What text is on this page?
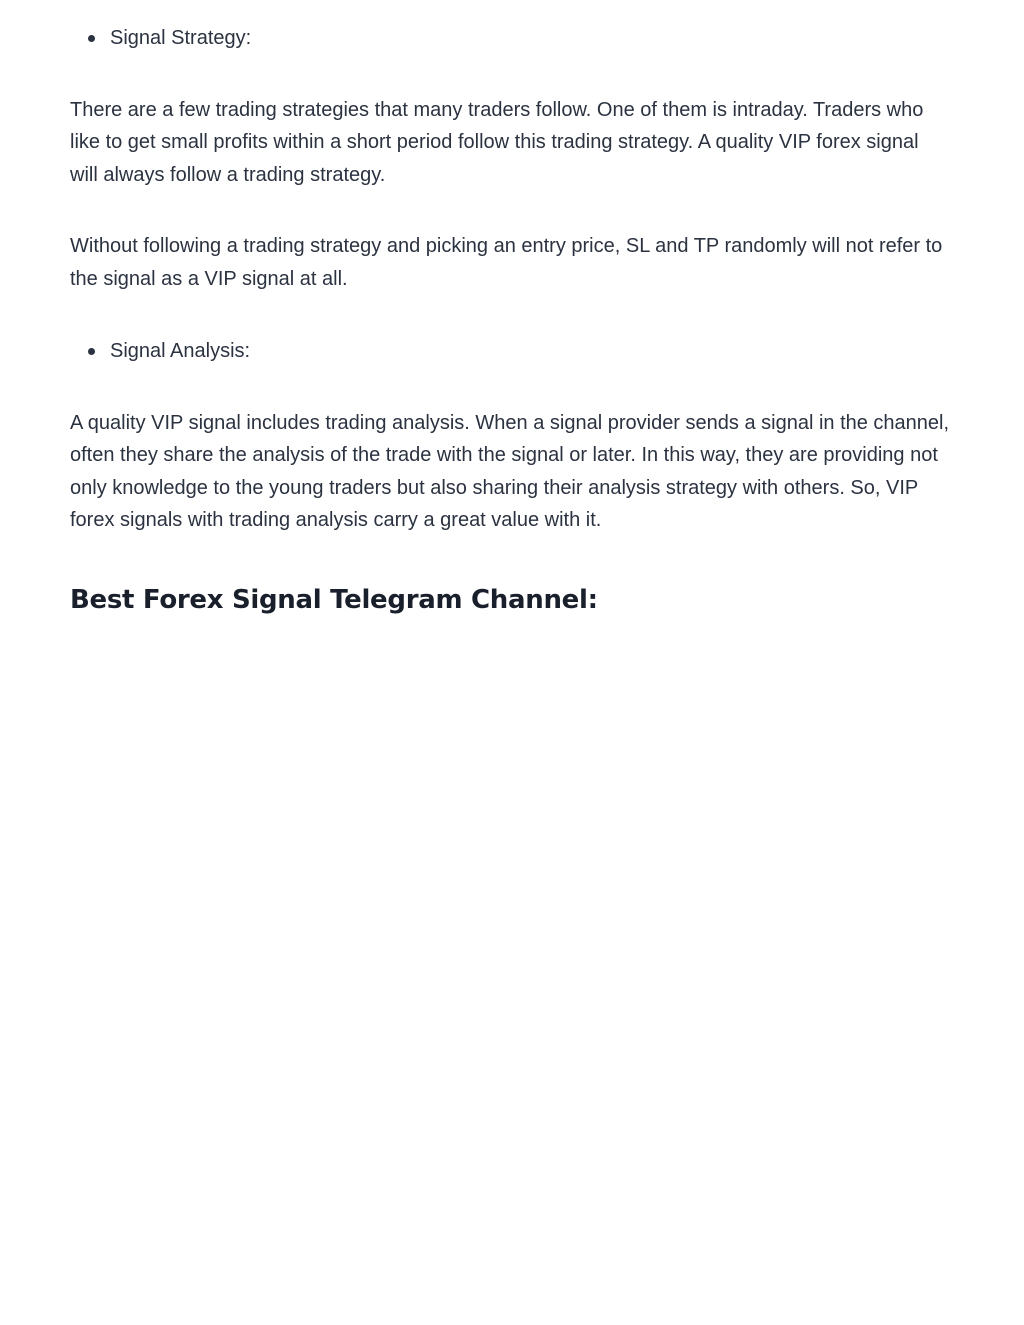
Signal Strategy:

There are a few trading strategies that many traders follow. One of them is intraday. Traders who like to get small profits within a short period follow this trading strategy. A quality VIP forex signal will always follow a trading strategy.

Without following a trading strategy and picking an entry price, SL and TP randomly will not refer to the signal as a VIP signal at all.

Signal Analysis:

A quality VIP signal includes trading analysis. When a signal provider sends a signal in the channel, often they share the analysis of the trade with the signal or later. In this way, they are providing not only knowledge to the young traders but also sharing their analysis strategy with others. So, VIP forex signals with trading analysis carry a great value with it.

Best Forex Signal Telegram Channel:
